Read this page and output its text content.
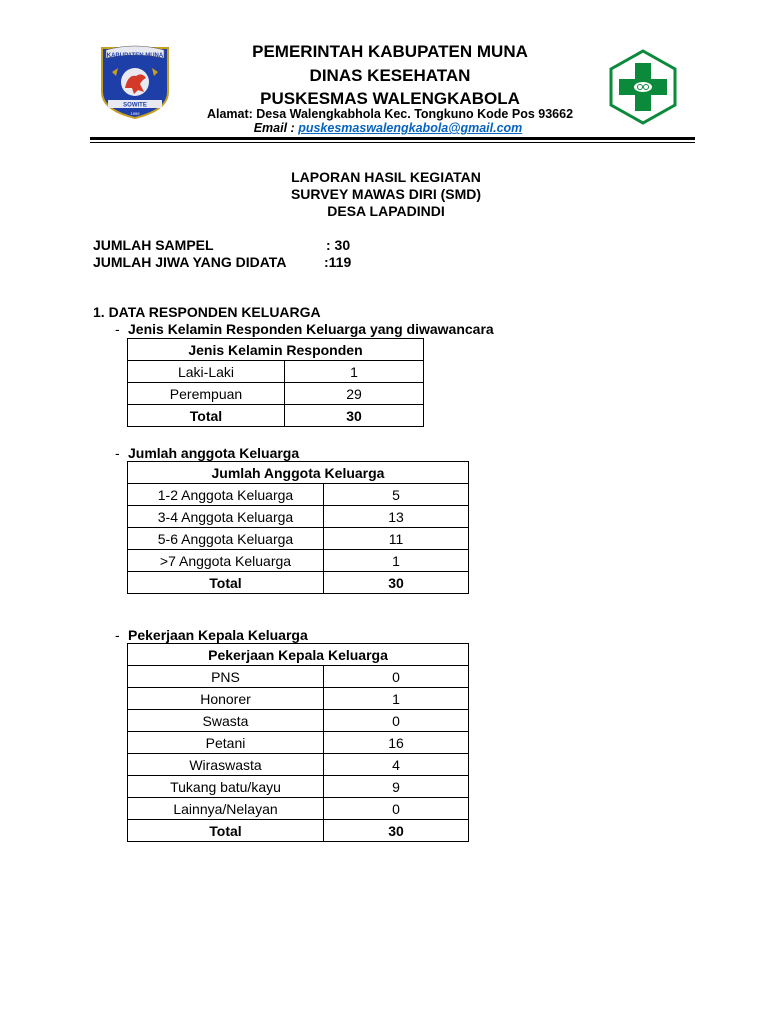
KABUPATEN MUNA
SOWITE
1959
PEMERINTAH KABUPATEN MUNA
DINAS KESEHATAN
PUSKESMAS WALENGKABOLA
Alamat: Desa Walengkabhola Kec. Tongkuno Kode Pos 93662
Email : puskesmaswalengkabola@gmail.com
LAPORAN HASIL KEGIATAN
SURVEY MAWAS DIRI (SMD)
DESA LAPADINDI
JUMLAH SAMPEL	: 30
JUMLAH JIWA YANG DIDATA	:119
1. DATA RESPONDEN KELUARGA
- Jenis Kelamin Responden Keluarga yang diwawancara
Jenis Kelamin Responden	
Laki-Laki	1
Perempuan	29
Total	30
- Jumlah anggota Keluarga
Jumlah Anggota Keluarga	
1-2 Anggota Keluarga	5
3-4 Anggota Keluarga	13
5-6 Anggota Keluarga	11
>7 Anggota Keluarga	1
Total	30
- Pekerjaan Kepala Keluarga
Pekerjaan Kepala Keluarga	
PNS	0
Honorer	1
Swasta	0
Petani	16
Wiraswasta	4
Tukang batu/kayu	9
Lainnya/Nelayan	0
Total	30
